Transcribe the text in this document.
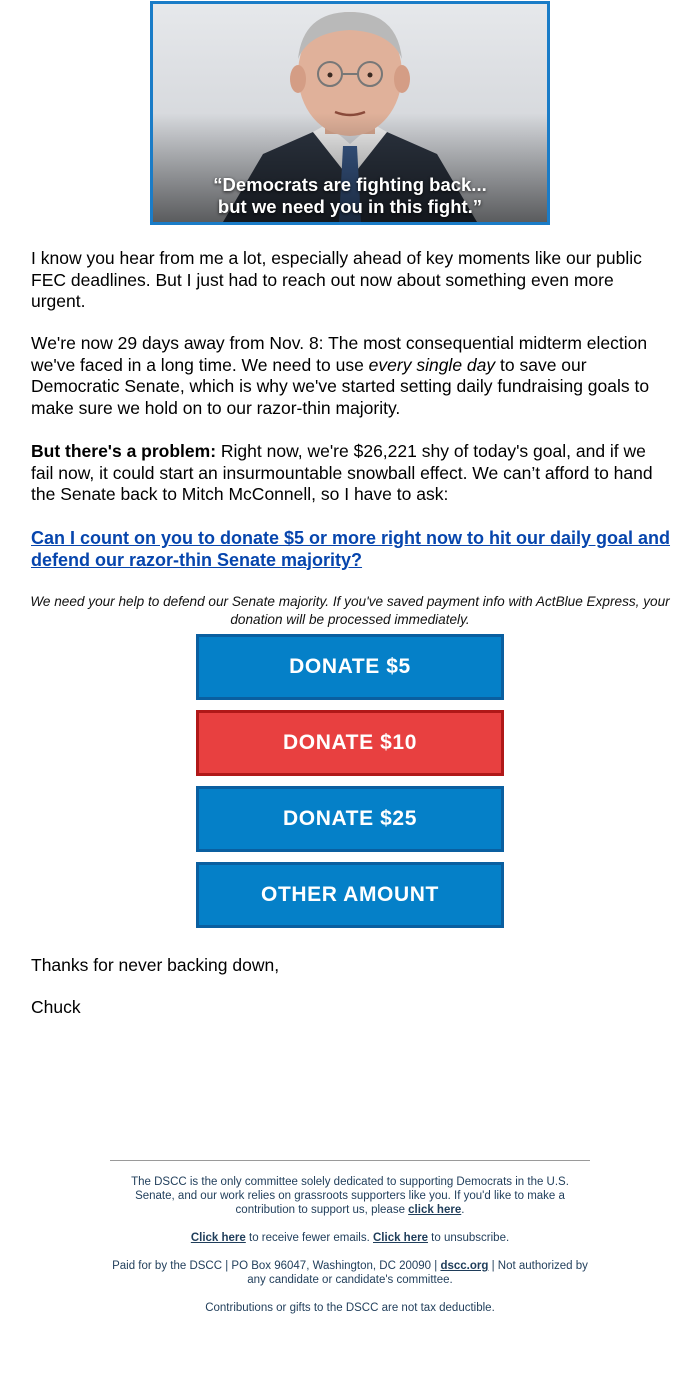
“Democrats are fighting back...
but we need you in this fight.”

I know you hear from me a lot, especially ahead of key moments like our public FEC deadlines. But I just had to reach out now about something even more urgent.

We're now 29 days away from Nov. 8: The most consequential midterm election we've faced in a long time. We need to use every single day to save our Democratic Senate, which is why we've started setting daily fundraising goals to make sure we hold on to our razor-thin majority.

But there's a problem: Right now, we're $26,221 shy of today's goal, and if we fail now, it could start an insurmountable snowball effect. We can’t afford to hand the Senate back to Mitch McConnell, so I have to ask:

Can I count on you to donate $5 or more right now to hit our daily goal and defend our razor-thin Senate majority?
We need your help to defend our Senate majority. If you've saved payment info with ActBlue Express, your donation will be processed immediately.
DONATE $5
DONATE $10
DONATE $25
OTHER AMOUNT

Thanks for never backing down,

Chuck

The DSCC is the only committee solely dedicated to supporting Democrats in the U.S. Senate, and our work relies on grassroots supporters like you. If you'd like to make a contribution to support us, please click here.

Click here to receive fewer emails. Click here to unsubscribe.

Paid for by the DSCC | PO Box 96047, Washington, DC 20090 | dscc.org | Not authorized by any candidate or candidate's committee.

Contributions or gifts to the DSCC are not tax deductible.
